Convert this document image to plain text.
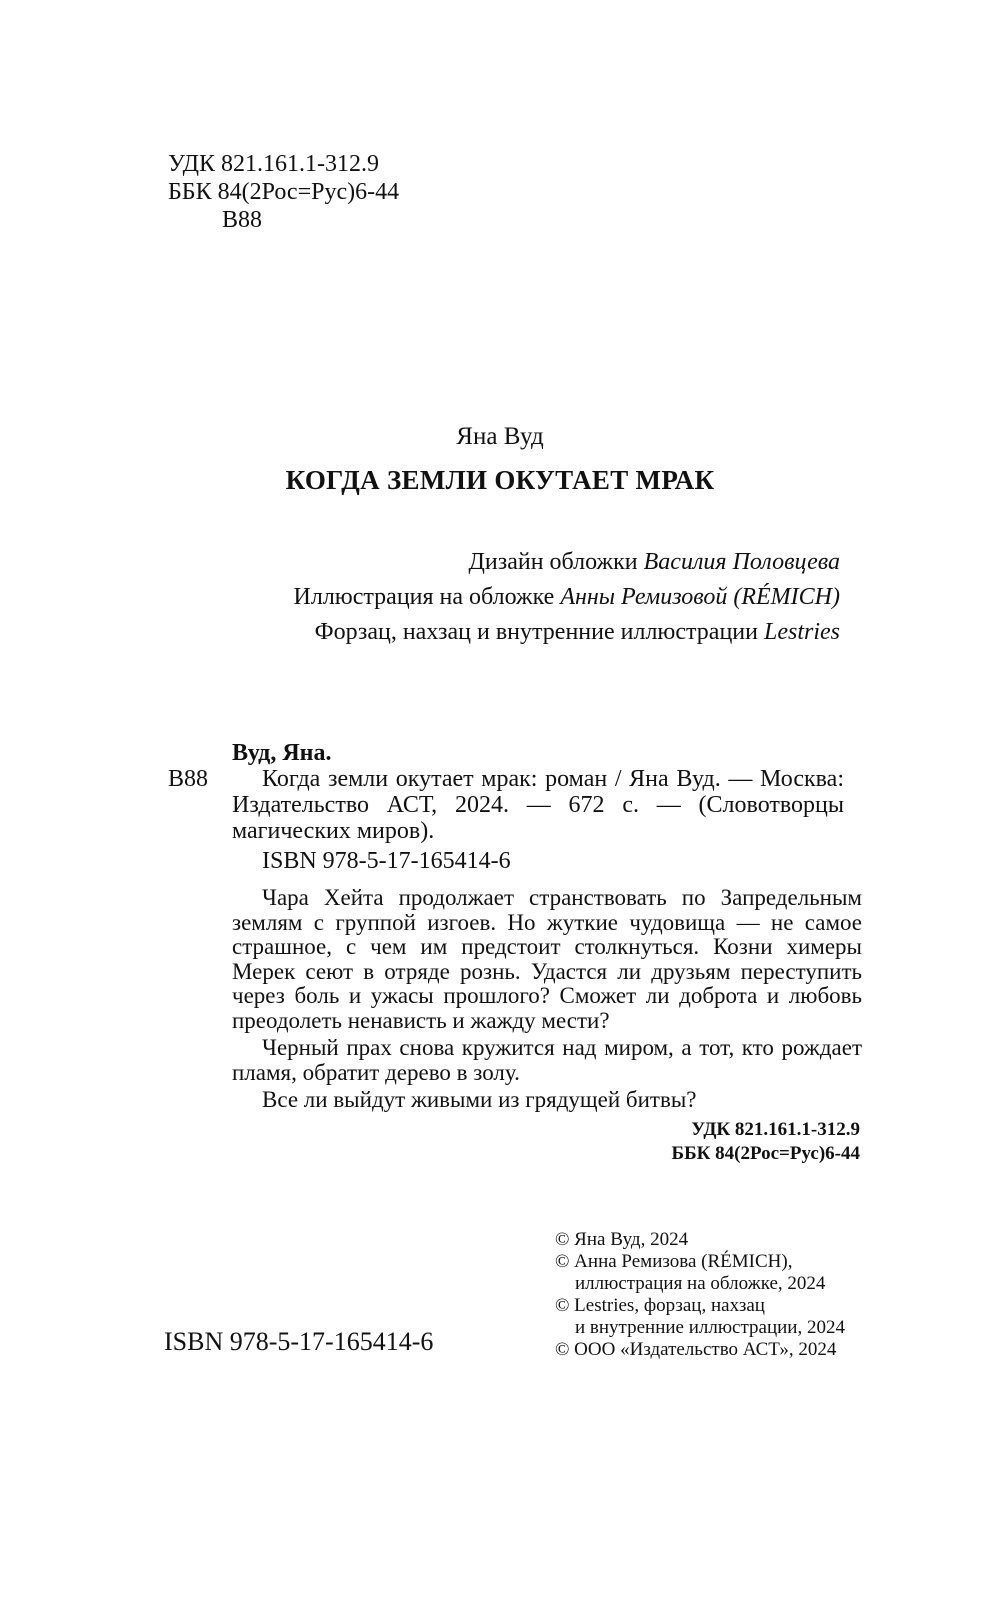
УДК 821.161.1-312.9
ББК 84(2Рос=Рус)6-44
В88
Яна Вуд
КОГДА ЗЕМЛИ ОКУТАЕТ МРАК
Дизайн обложки Василия Половцева
Иллюстрация на обложке Анны Ремизовой (RÉMICH)
Форзац, нахзац и внутренние иллюстрации Lestries
Вуд, Яна.
В88	Когда земли окутает мрак: роман / Яна Вуд. — Москва: Издательство АСТ, 2024. — 672 с. — (Словотворцы магических миров).
ISBN 978-5-17-165414-6
Чара Хейта продолжает странствовать по Запредельным землям с группой изгоев. Но жуткие чудовища — не самое страшное, с чем им предстоит столкнуться. Козни химеры Мерек сеют в отряде рознь. Удастся ли друзьям переступить через боль и ужасы прошлого? Сможет ли доброта и любовь преодолеть ненависть и жажду мести?
Черный прах снова кружится над миром, а тот, кто рождает пламя, обратит дерево в золу.
Все ли выйдут живыми из грядущей битвы?
УДК 821.161.1-312.9
ББК 84(2Рос=Рус)6-44
© Яна Вуд, 2024
© Анна Ремизова (RÉMICH),
иллюстрация на обложке, 2024
© Lestries, форзац, нахзац
и внутренние иллюстрации, 2024
© ООО «Издательство АСТ», 2024
ISBN 978-5-17-165414-6
